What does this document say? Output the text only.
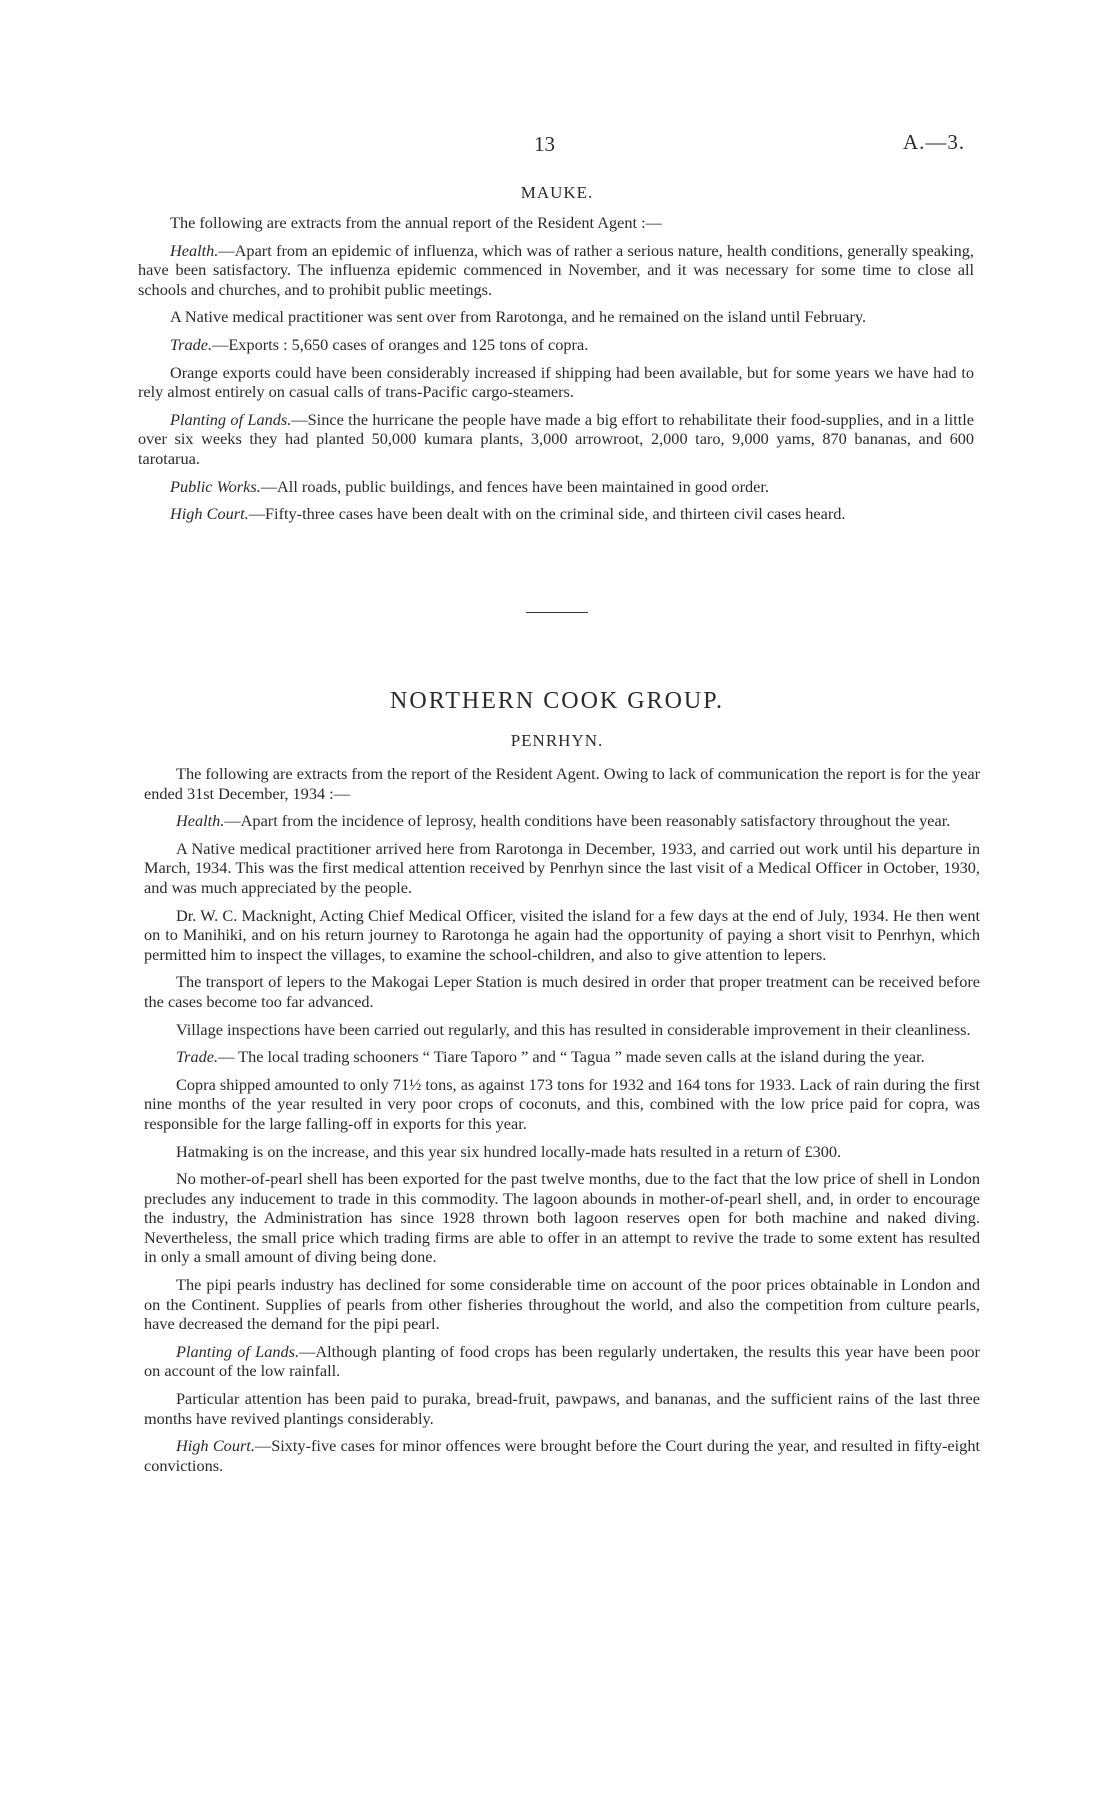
13	A.—3.
MAUKE.

The following are extracts from the annual report of the Resident Agent :—

Health.—Apart from an epidemic of influenza, which was of rather a serious nature, health conditions, generally speaking, have been satisfactory. The influenza epidemic commenced in November, and it was necessary for some time to close all schools and churches, and to prohibit public meetings.

A Native medical practitioner was sent over from Rarotonga, and he remained on the island until February.

Trade.—Exports : 5,650 cases of oranges and 125 tons of copra.

Orange exports could have been considerably increased if shipping had been available, but for some years we have had to rely almost entirely on casual calls of trans-Pacific cargo-steamers.

Planting of Lands.—Since the hurricane the people have made a big effort to rehabilitate their food-supplies, and in a little over six weeks they had planted 50,000 kumara plants, 3,000 arrowroot, 2,000 taro, 9,000 yams, 870 bananas, and 600 tarotarua.

Public Works.—All roads, public buildings, and fences have been maintained in good order.

High Court.—Fifty-three cases have been dealt with on the criminal side, and thirteen civil cases heard.

NORTHERN COOK GROUP.
PENRHYN.

The following are extracts from the report of the Resident Agent. Owing to lack of communication the report is for the year ended 31st December, 1934 :—

Health.—Apart from the incidence of leprosy, health conditions have been reasonably satisfactory throughout the year.

A Native medical practitioner arrived here from Rarotonga in December, 1933, and carried out work until his departure in March, 1934. This was the first medical attention received by Penrhyn since the last visit of a Medical Officer in October, 1930, and was much appreciated by the people.

Dr. W. C. Macknight, Acting Chief Medical Officer, visited the island for a few days at the end of July, 1934. He then went on to Manihiki, and on his return journey to Rarotonga he again had the opportunity of paying a short visit to Penrhyn, which permitted him to inspect the villages, to examine the school-children, and also to give attention to lepers.

The transport of lepers to the Makogai Leper Station is much desired in order that proper treatment can be received before the cases become too far advanced.

Village inspections have been carried out regularly, and this has resulted in considerable improvement in their cleanliness.

Trade.— The local trading schooners “ Tiare Taporo ” and “ Tagua ” made seven calls at the island during the year.

Copra shipped amounted to only 71½ tons, as against 173 tons for 1932 and 164 tons for 1933. Lack of rain during the first nine months of the year resulted in very poor crops of coconuts, and this, combined with the low price paid for copra, was responsible for the large falling-off in exports for this year.

Hatmaking is on the increase, and this year six hundred locally-made hats resulted in a return of £300.

No mother-of-pearl shell has been exported for the past twelve months, due to the fact that the low price of shell in London precludes any inducement to trade in this commodity. The lagoon abounds in mother-of-pearl shell, and, in order to encourage the industry, the Administration has since 1928 thrown both lagoon reserves open for both machine and naked diving. Nevertheless, the small price which trading firms are able to offer in an attempt to revive the trade to some extent has resulted in only a small amount of diving being done.

The pipi pearls industry has declined for some considerable time on account of the poor prices obtainable in London and on the Continent. Supplies of pearls from other fisheries throughout the world, and also the competition from culture pearls, have decreased the demand for the pipi pearl.

Planting of Lands.—Although planting of food crops has been regularly undertaken, the results this year have been poor on account of the low rainfall.

Particular attention has been paid to puraka, bread-fruit, pawpaws, and bananas, and the sufficient rains of the last three months have revived plantings considerably.

High Court.—Sixty-five cases for minor offences were brought before the Court during the year, and resulted in fifty-eight convictions.
